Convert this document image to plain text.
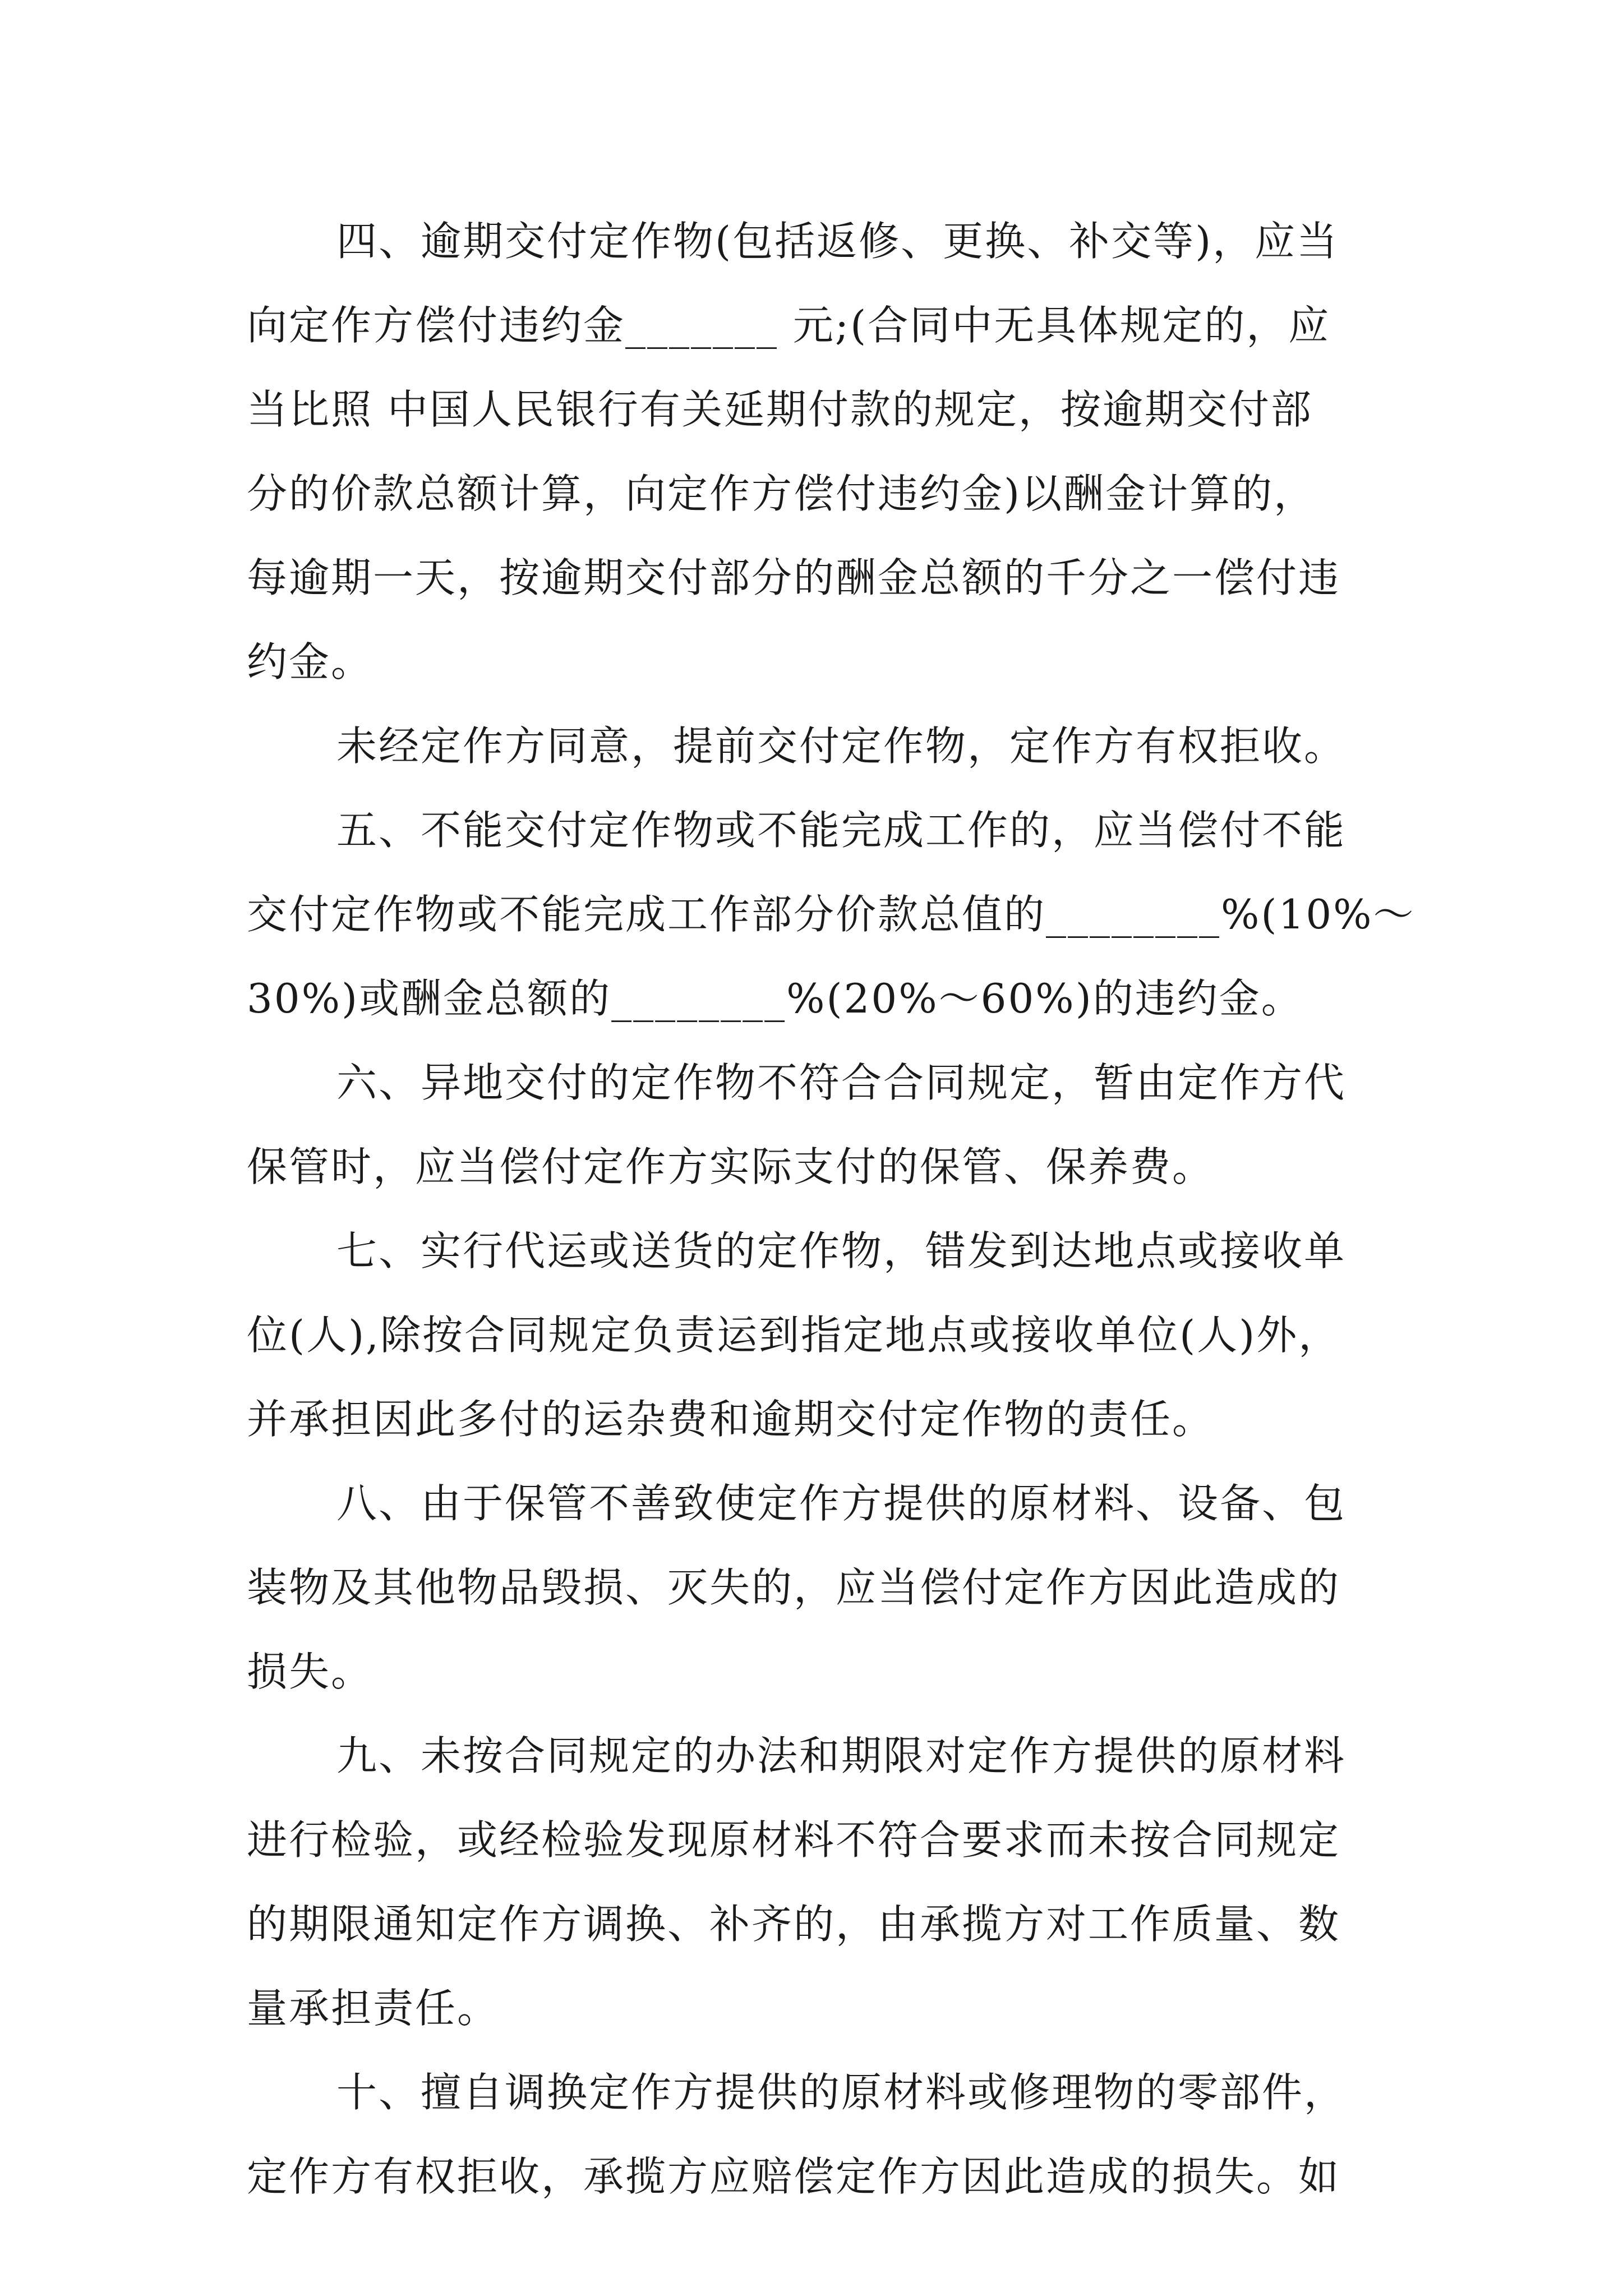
四、逾期交付定作物(包括返修、更换、补交等)，应当
向定作方偿付违约金_______ 元;(合同中无具体规定的，应
当比照 中国人民银行有关延期付款的规定，按逾期交付部
分的价款总额计算，向定作方偿付违约金)以酬金计算的，
每逾期一天，按逾期交付部分的酬金总额的千分之一偿付违
约金。
未经定作方同意，提前交付定作物，定作方有权拒收。
五、不能交付定作物或不能完成工作的，应当偿付不能
交付定作物或不能完成工作部分价款总值的________%(10%～
30%)或酬金总额的________%(20%～60%)的违约金。
六、异地交付的定作物不符合合同规定，暂由定作方代
保管时，应当偿付定作方实际支付的保管、保养费。
七、实行代运或送货的定作物，错发到达地点或接收单
位(人),除按合同规定负责运到指定地点或接收单位(人)外，
并承担因此多付的运杂费和逾期交付定作物的责任。
八、由于保管不善致使定作方提供的原材料、设备、包
装物及其他物品毁损、灭失的，应当偿付定作方因此造成的
损失。
九、未按合同规定的办法和期限对定作方提供的原材料
进行检验，或经检验发现原材料不符合要求而未按合同规定
的期限通知定作方调换、补齐的，由承揽方对工作质量、数
量承担责任。
十、擅自调换定作方提供的原材料或修理物的零部件，
定作方有权拒收，承揽方应赔偿定作方因此造成的损失。如
